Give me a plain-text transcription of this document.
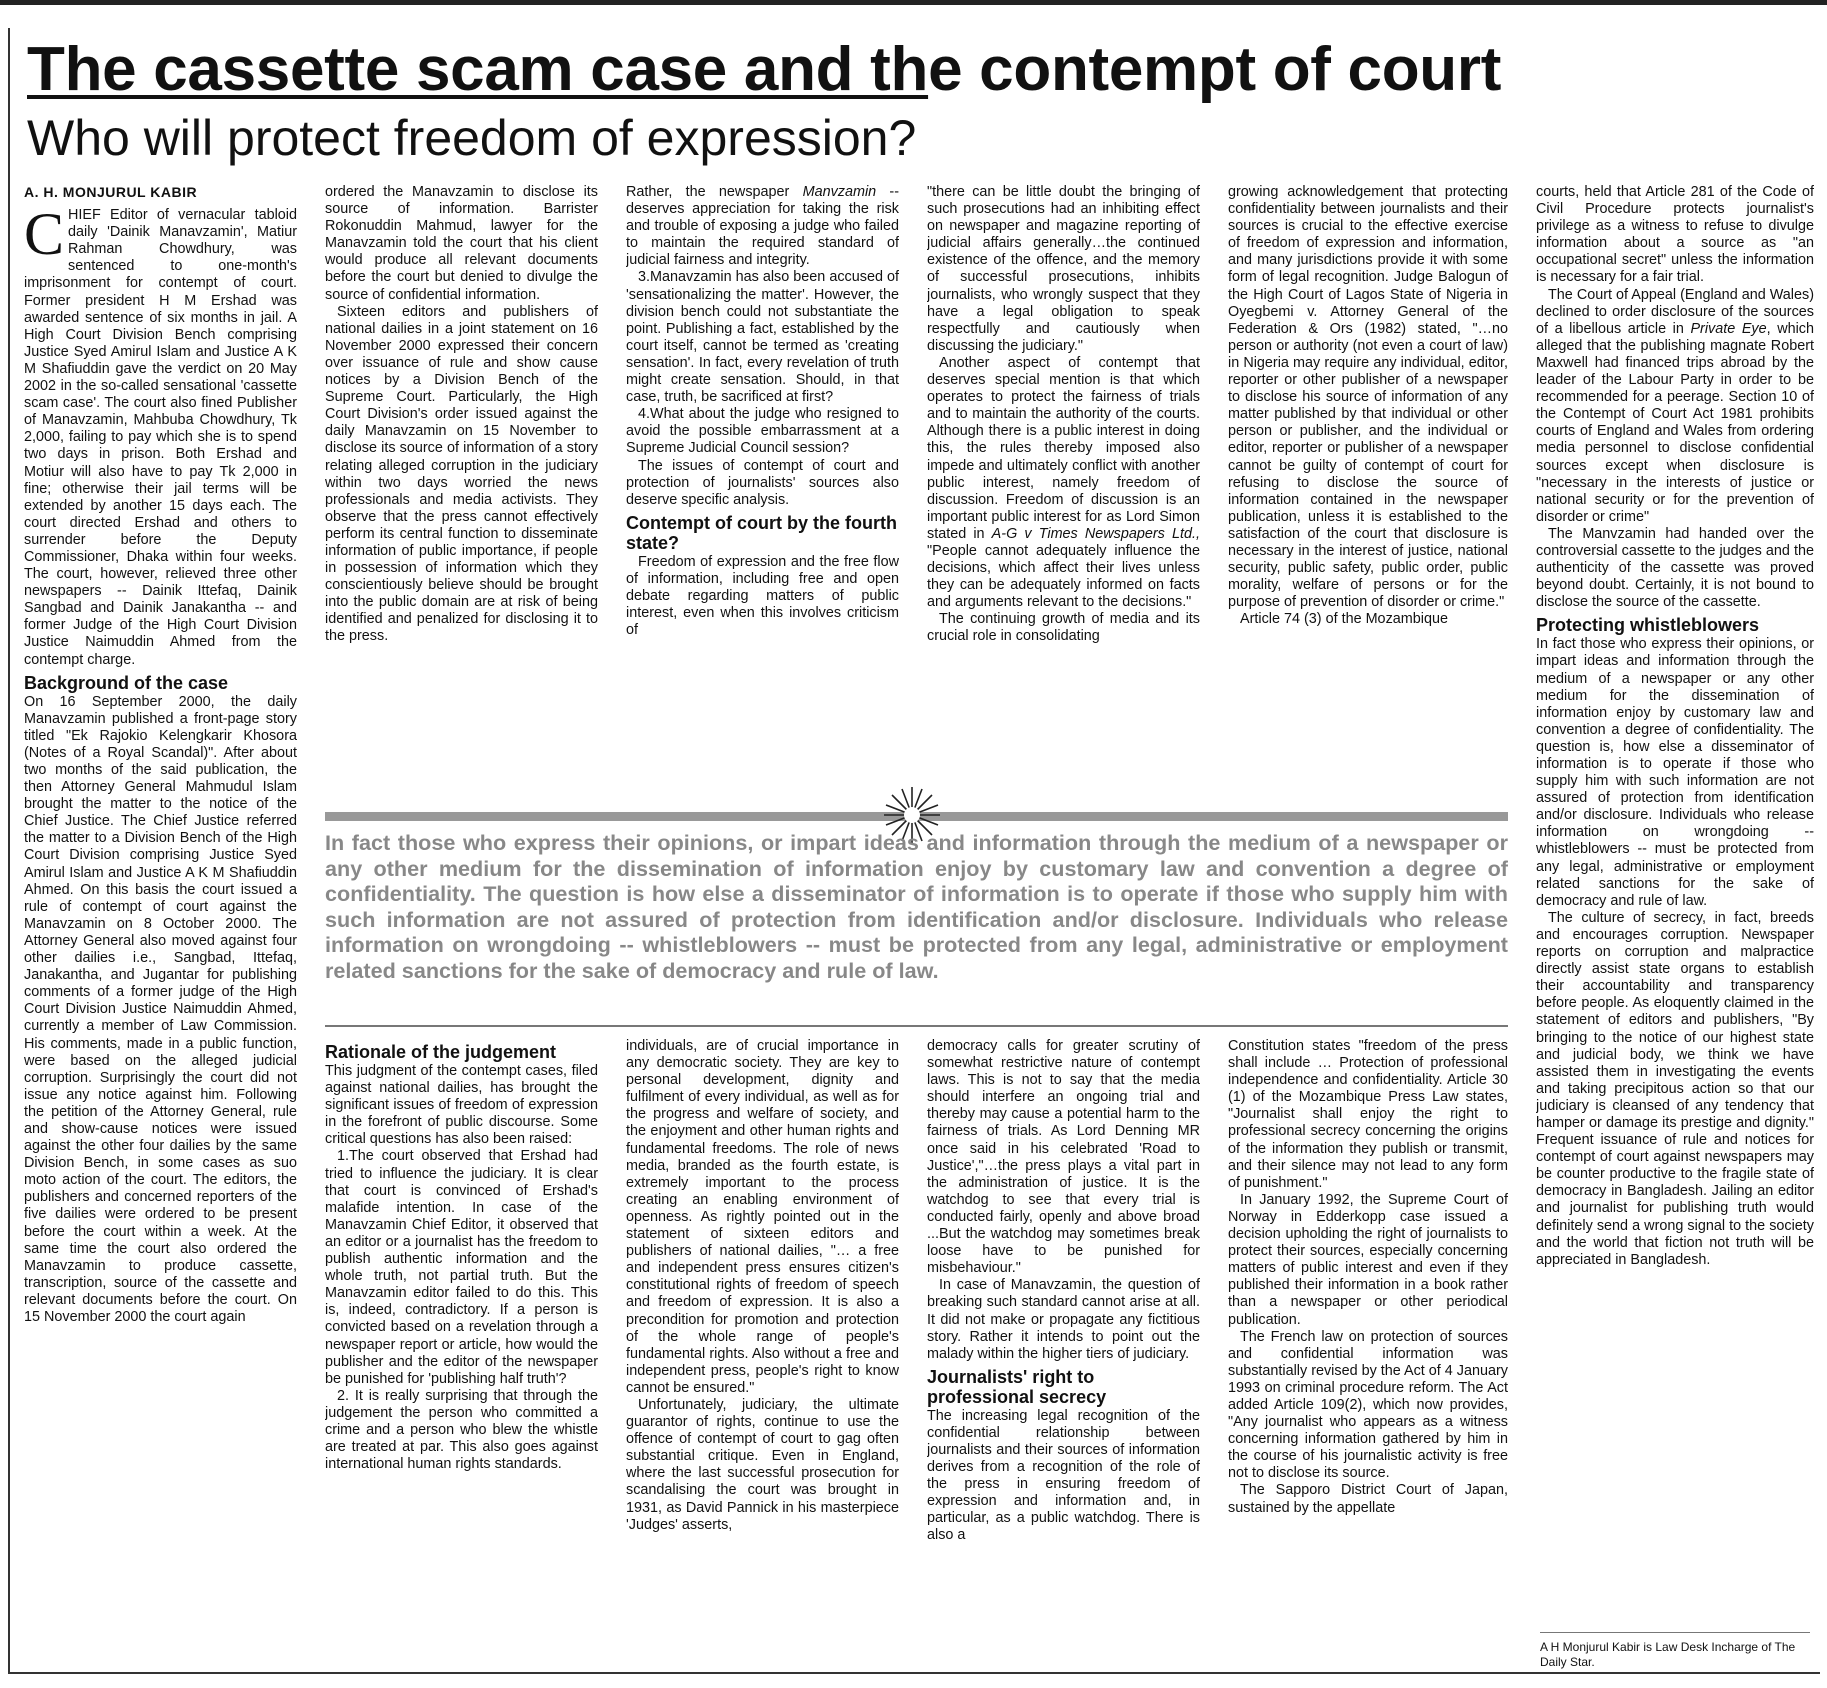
The cassette scam case and the contempt of court
Who will protect freedom of expression?

A. H. MONJURUL KABIR

CHIEF Editor of vernacular tabloid daily 'Dainik Manavzamin', Matiur Rahman Chowdhury, was sentenced to one-month's imprisonment for contempt of court. Former president H M Ershad was awarded sentence of six months in jail. A High Court Division Bench comprising Justice Syed Amirul Islam and Justice A K M Shafiuddin gave the verdict on 20 May 2002 in the so-called sensational 'cassette scam case'. The court also fined Publisher of Manavzamin, Mahbuba Chowdhury, Tk 2,000, failing to pay which she is to spend two days in prison. Both Ershad and Motiur will also have to pay Tk 2,000 in fine; otherwise their jail terms will be extended by another 15 days each. The court directed Ershad and others to surrender before the Deputy Commissioner, Dhaka within four weeks. The court, however, relieved three other newspapers -- Dainik Ittefaq, Dainik Sangbad and Dainik Janakantha -- and former Judge of the High Court Division Justice Naimuddin Ahmed from the contempt charge.

Background of the case

On 16 September 2000, the daily Manavzamin published a front-page story titled "Ek Rajokio Kelengkarir Khosora (Notes of a Royal Scandal)". After about two months of the said publication, the then Attorney General Mahmudul Islam brought the matter to the notice of the Chief Justice. The Chief Justice referred the matter to a Division Bench of the High Court Division comprising Justice Syed Amirul Islam and Justice A K M Shafiuddin Ahmed. On this basis the court issued a rule of contempt of court against the Manavzamin on 8 October 2000. The Attorney General also moved against four other dailies i.e., Sangbad, Ittefaq, Janakantha, and Jugantar for publishing comments of a former judge of the High Court Division Justice Naimuddin Ahmed, currently a member of Law Commission. His comments, made in a public function, were based on the alleged judicial corruption. Surprisingly the court did not issue any notice against him. Following the petition of the Attorney General, rule and show-cause notices were issued against the other four dailies by the same Division Bench, in some cases as suo moto action of the court. The editors, the publishers and concerned reporters of the five dailies were ordered to be present before the court within a week. At the same time the court also ordered the Manavzamin to produce cassette, transcription, source of the cassette and relevant documents before the court. On 15 November 2000 the court again

ordered the Manavzamin to disclose its source of information. Barrister Rokonuddin Mahmud, lawyer for the Manavzamin told the court that his client would produce all relevant documents before the court but denied to divulge the source of confidential information.

Sixteen editors and publishers of national dailies in a joint statement on 16 November 2000 expressed their concern over issuance of rule and show cause notices by a Division Bench of the Supreme Court. Particularly, the High Court Division's order issued against the daily Manavzamin on 15 November to disclose its source of information of a story relating alleged corruption in the judiciary within two days worried the news professionals and media activists. They observe that the press cannot effectively perform its central function to disseminate information of public importance, if people in possession of information which they conscientiously believe should be brought into the public domain are at risk of being identified and penalized for disclosing it to the press.

Rather, the newspaper Manvzamin -- deserves appreciation for taking the risk and trouble of exposing a judge who failed to maintain the required standard of judicial fairness and integrity.

3.Manavzamin has also been accused of 'sensationalizing the matter'. However, the division bench could not substantiate the point. Publishing a fact, established by the court itself, cannot be termed as 'creating sensation'. In fact, every revelation of truth might create sensation. Should, in that case, truth, be sacrificed at first?

4.What about the judge who resigned to avoid the possible embarrassment at a Supreme Judicial Council session?

The issues of contempt of court and protection of journalists' sources also deserve specific analysis.

Contempt of court by the fourth state?

Freedom of expression and the free flow of information, including free and open debate regarding matters of public interest, even when this involves criticism of

"there can be little doubt the bringing of such prosecutions had an inhibiting effect on newspaper and magazine reporting of judicial affairs generally…the continued existence of the offence, and the memory of successful prosecutions, inhibits journalists, who wrongly suspect that they have a legal obligation to speak respectfully and cautiously when discussing the judiciary."

Another aspect of contempt that deserves special mention is that which operates to protect the fairness of trials and to maintain the authority of the courts. Although there is a public interest in doing this, the rules thereby imposed also impede and ultimately conflict with another public interest, namely freedom of discussion. Freedom of discussion is an important public interest for as Lord Simon stated in A-G v Times Newspapers Ltd., "People cannot adequately influence the decisions, which affect their lives unless they can be adequately informed on facts and arguments relevant to the decisions."

The continuing growth of media and its crucial role in consolidating

growing acknowledgement that protecting confidentiality between journalists and their sources is crucial to the effective exercise of freedom of expression and information, and many jurisdictions provide it with some form of legal recognition. Judge Balogun of the High Court of Lagos State of Nigeria in Oyegbemi v. Attorney General of the Federation & Ors (1982) stated, "…no person or authority (not even a court of law) in Nigeria may require any individual, editor, reporter or other publisher of a newspaper to disclose his source of information of any matter published by that individual or other person or publisher, and the individual or editor, reporter or publisher of a newspaper cannot be guilty of contempt of court for refusing to disclose the source of information contained in the newspaper publication, unless it is established to the satisfaction of the court that disclosure is necessary in the interest of justice, national security, public safety, public order, public morality, welfare of persons or for the purpose of prevention of disorder or crime."

Article 74 (3) of the Mozambique

courts, held that Article 281 of the Code of Civil Procedure protects journalist's privilege as a witness to refuse to divulge information about a source as "an occupational secret" unless the information is necessary for a fair trial.

The Court of Appeal (England and Wales) declined to order disclosure of the sources of a libellous article in Private Eye, which alleged that the publishing magnate Robert Maxwell had financed trips abroad by the leader of the Labour Party in order to be recommended for a peerage. Section 10 of the Contempt of Court Act 1981 prohibits courts of England and Wales from ordering media personnel to disclose confidential sources except when disclosure is "necessary in the interests of justice or national security or for the prevention of disorder or crime"

The Manvzamin had handed over the controversial cassette to the judges and the authenticity of the cassette was proved beyond doubt. Certainly, it is not bound to disclose the source of the cassette.

Protecting whistleblowers

In fact those who express their opinions, or impart ideas and information through the medium of a newspaper or any other medium for the dissemination of information enjoy by customary law and convention a degree of confidentiality. The question is, how else a disseminator of information is to operate if those who supply him with such information are not assured of protection from identification and/or disclosure. Individuals who release information on wrongdoing -- whistleblowers -- must be protected from any legal, administrative or employment related sanctions for the sake of democracy and rule of law.

The culture of secrecy, in fact, breeds and encourages corruption. Newspaper reports on corruption and malpractice directly assist state organs to establish their accountability and transparency before people. As eloquently claimed in the statement of editors and publishers, "By bringing to the notice of our highest state and judicial body, we think we have assisted them in investigating the events and taking precipitous action so that our judiciary is cleansed of any tendency that hamper or damage its prestige and dignity." Frequent issuance of rule and notices for contempt of court against newspapers may be counter productive to the fragile state of democracy in Bangladesh. Jailing an editor and journalist for publishing truth would definitely send a wrong signal to the society and the world that fiction not truth will be appreciated in Bangladesh.

In fact those who express their opinions, or impart ideas and information through the medium of a newspaper or any other medium for the dissemination of information enjoy by customary law and convention a degree of confidentiality. The question is how else a disseminator of information is to operate if those who supply him with such information are not assured of protection from identification and/or disclosure. Individuals who release information on wrongdoing -- whistleblowers -- must be protected from any legal, administrative or employment related sanctions for the sake of democracy and rule of law.
Rationale of the judgement

This judgment of the contempt cases, filed against national dailies, has brought the significant issues of freedom of expression in the forefront of public discourse. Some critical questions has also been raised:

1.The court observed that Ershad had tried to influence the judiciary. It is clear that court is convinced of Ershad's malafide intention. In case of the Manavzamin Chief Editor, it observed that an editor or a journalist has the freedom to publish authentic information and the whole truth, not partial truth. But the Manavzamin editor failed to do this. This is, indeed, contradictory. If a person is convicted based on a revelation through a newspaper report or article, how would the publisher and the editor of the newspaper be punished for 'publishing half truth'?

2. It is really surprising that through the judgement the person who committed a crime and a person who blew the whistle are treated at par. This also goes against international human rights standards.

individuals, are of crucial importance in any democratic society. They are key to personal development, dignity and fulfilment of every individual, as well as for the progress and welfare of society, and the enjoyment and other human rights and fundamental freedoms. The role of news media, branded as the fourth estate, is extremely important to the process creating an enabling environment of openness. As rightly pointed out in the statement of sixteen editors and publishers of national dailies, "… a free and independent press ensures citizen's constitutional rights of freedom of speech and freedom of expression. It is also a precondition for promotion and protection of the whole range of people's fundamental rights. Also without a free and independent press, people's right to know cannot be ensured."

Unfortunately, judiciary, the ultimate guarantor of rights, continue to use the offence of contempt of court to gag often substantial critique. Even in England, where the last successful prosecution for scandalising the court was brought in 1931, as David Pannick in his masterpiece 'Judges' asserts,

democracy calls for greater scrutiny of somewhat restrictive nature of contempt laws. This is not to say that the media should interfere an ongoing trial and thereby may cause a potential harm to the fairness of trials. As Lord Denning MR once said in his celebrated 'Road to Justice',"…the press plays a vital part in the administration of justice. It is the watchdog to see that every trial is conducted fairly, openly and above broad ...But the watchdog may sometimes break loose have to be punished for misbehaviour."

In case of Manavzamin, the question of breaking such standard cannot arise at all. It did not make or propagate any fictitious story. Rather it intends to point out the malady within the higher tiers of judiciary.

Journalists' right to professional secrecy

The increasing legal recognition of the confidential relationship between journalists and their sources of information derives from a recognition of the role of the press in ensuring freedom of expression and information and, in particular, as a public watchdog. There is also a

Constitution states "freedom of the press shall include … Protection of professional independence and confidentiality. Article 30 (1) of the Mozambique Press Law states, "Journalist shall enjoy the right to professional secrecy concerning the origins of the information they publish or transmit, and their silence may not lead to any form of punishment."

In January 1992, the Supreme Court of Norway in Edderkopp case issued a decision upholding the right of journalists to protect their sources, especially concerning matters of public interest and even if they published their information in a book rather than a newspaper or other periodical publication.

The French law on protection of sources and confidential information was substantially revised by the Act of 4 January 1993 on criminal procedure reform. The Act added Article 109(2), which now provides, "Any journalist who appears as a witness concerning information gathered by him in the course of his journalistic activity is free not to disclose its source.

The Sapporo District Court of Japan, sustained by the appellate

A H Monjurul Kabir is Law Desk Incharge of The Daily Star.
